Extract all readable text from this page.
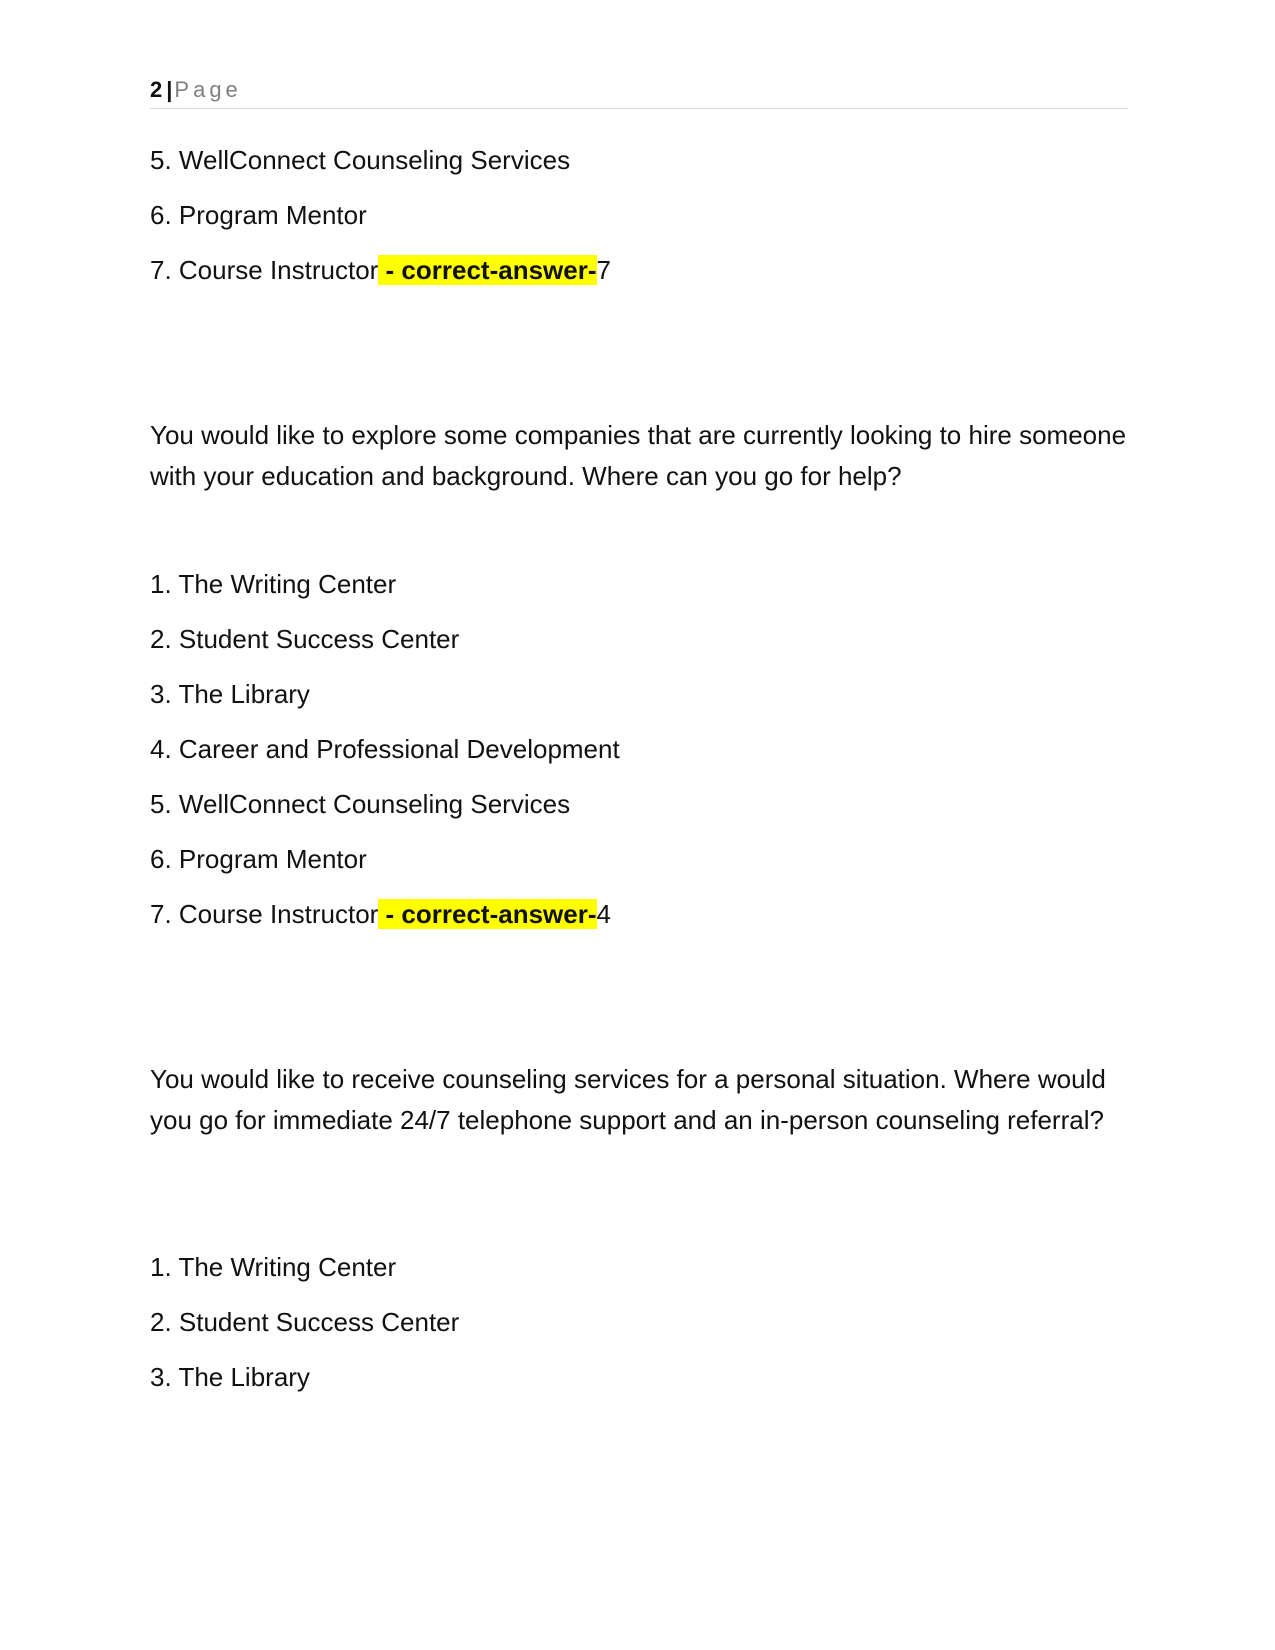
2 |Page
5. WellConnect Counseling Services
6. Program Mentor
7. Course Instructor - correct-answer-7
You would like to explore some companies that are currently looking to hire someone with your education and background. Where can you go for help?
1. The Writing Center
2. Student Success Center
3. The Library
4. Career and Professional Development
5. WellConnect Counseling Services
6. Program Mentor
7. Course Instructor - correct-answer-4
You would like to receive counseling services for a personal situation. Where would you go for immediate 24/7 telephone support and an in-person counseling referral?
1. The Writing Center
2. Student Success Center
3. The Library
